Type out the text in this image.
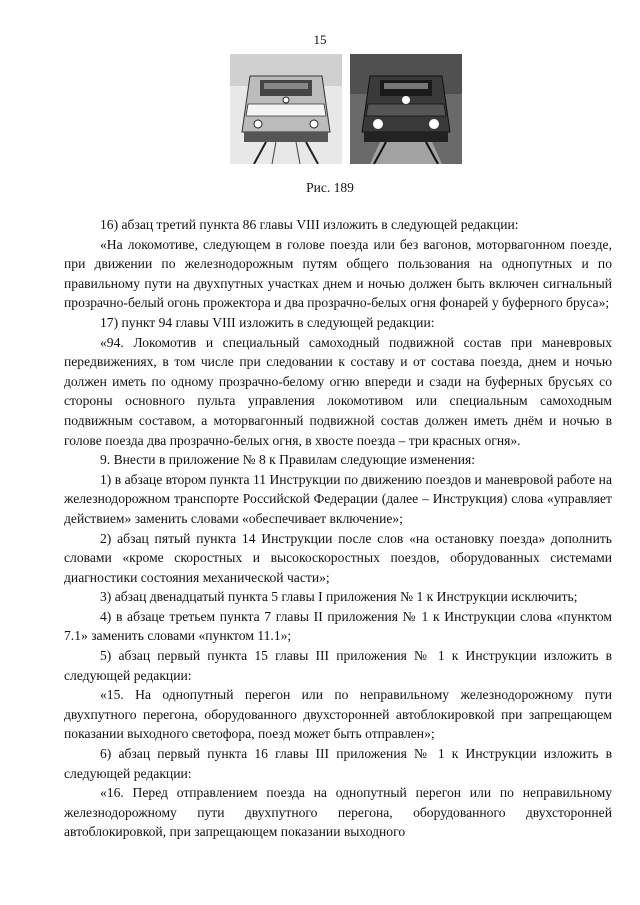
15
Рис. 189

16) абзац третий пункта 86 главы VIII изложить в следующей редакции:

«На локомотиве, следующем в голове поезда или без вагонов, моторвагонном поезде, при движении по железнодорожным путям общего пользования на однопутных и по правильному пути на двухпутных участках днем и ночью должен быть включен сигнальный прозрачно-белый огонь прожектора и два прозрачно-белых огня фонарей у буферного бруса»;

17) пункт 94 главы VIII изложить в следующей редакции:

«94. Локомотив и специальный самоходный подвижной состав при маневровых передвижениях, в том числе при следовании к составу и от состава поезда, днем и ночью должен иметь по одному прозрачно-белому огню впереди и сзади на буферных брусьях со стороны основного пульта управления локомотивом или специальным самоходным подвижным составом, а моторвагонный подвижной состав должен иметь днём и ночью в голове поезда два прозрачно-белых огня, в хвосте поезда – три красных огня».

9. Внести в приложение № 8 к Правилам следующие изменения:

1) в абзаце втором пункта 11 Инструкции по движению поездов и маневровой работе на железнодорожном транспорте Российской Федерации (далее – Инструкция) слова «управляет действием» заменить словами «обеспечивает включение»;

2) абзац пятый пункта 14 Инструкции после слов «на остановку поезда» дополнить словами «кроме скоростных и высокоскоростных поездов, оборудованных системами диагностики состояния механической части»;

3) абзац двенадцатый пункта 5 главы I приложения № 1 к Инструкции исключить;

4) в абзаце третьем пункта 7 главы II приложения № 1 к Инструкции слова «пунктом 7.1» заменить словами «пунктом 11.1»;

5) абзац первый пункта 15 главы III приложения № 1 к Инструкции изложить в следующей редакции:

«15. На однопутный перегон или по неправильному железнодорожному пути двухпутного перегона, оборудованного двухсторонней автоблокировкой при запрещающем показании выходного светофора, поезд может быть отправлен»;

6) абзац первый пункта 16 главы III приложения № 1 к Инструкции изложить в следующей редакции:

«16. Перед отправлением поезда на однопутный перегон или по неправильному железнодорожному пути двухпутного перегона, оборудованного двухсторонней автоблокировкой, при запрещающем показании выходного
